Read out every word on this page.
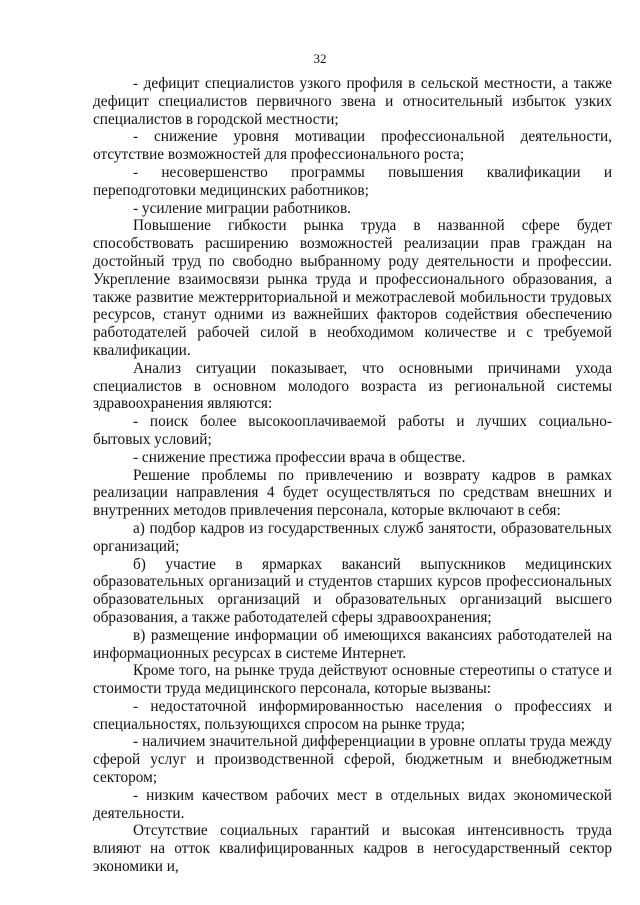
32

- дефицит специалистов узкого профиля в сельской местности, а также дефицит специалистов первичного звена и относительный избыток узких специалистов в городской местности;

- снижение уровня мотивации профессиональной деятельности, отсутствие возможностей для профессионального роста;

- несовершенство программы повышения квалификации и переподготовки медицинских работников;

- усиление миграции работников.

Повышение гибкости рынка труда в названной сфере будет способствовать расширению возможностей реализации прав граждан на достойный труд по свободно выбранному роду деятельности и профессии. Укрепление взаимосвязи рынка труда и профессионального образования, а также развитие межтерриториальной и межотраслевой мобильности трудовых ресурсов, станут одними из важнейших факторов содействия обеспечению работодателей рабочей силой в необходимом количестве и с требуемой квалификации.

Анализ ситуации показывает, что основными причинами ухода специалистов в основном молодого возраста из региональной системы здравоохранения являются:

- поиск более высокооплачиваемой работы и лучших социально-бытовых условий;

- снижение престижа профессии врача в обществе.

Решение проблемы по привлечению и возврату кадров в рамках реализации направления 4 будет осуществляться по средствам внешних и внутренних методов привлечения персонала, которые включают в себя:

а) подбор кадров из государственных служб занятости, образовательных организаций;

б) участие в ярмарках вакансий выпускников медицинских образовательных организаций и студентов старших курсов профессиональных образовательных организаций и образовательных организаций высшего образования, а также работодателей сферы здравоохранения;

в) размещение информации об имеющихся вакансиях работодателей на информационных ресурсах в системе Интернет.

Кроме того, на рынке труда действуют основные стереотипы о статусе и стоимости труда медицинского персонала, которые вызваны:

- недостаточной информированностью населения о профессиях и специальностях, пользующихся спросом на рынке труда;

- наличием значительной дифференциации в уровне оплаты труда между сферой услуг и производственной сферой, бюджетным и внебюджетным сектором;

- низким качеством рабочих мест в отдельных видах экономической деятельности.

Отсутствие социальных гарантий и высокая интенсивность труда влияют на отток квалифицированных кадров в негосударственный сектор экономики и,
